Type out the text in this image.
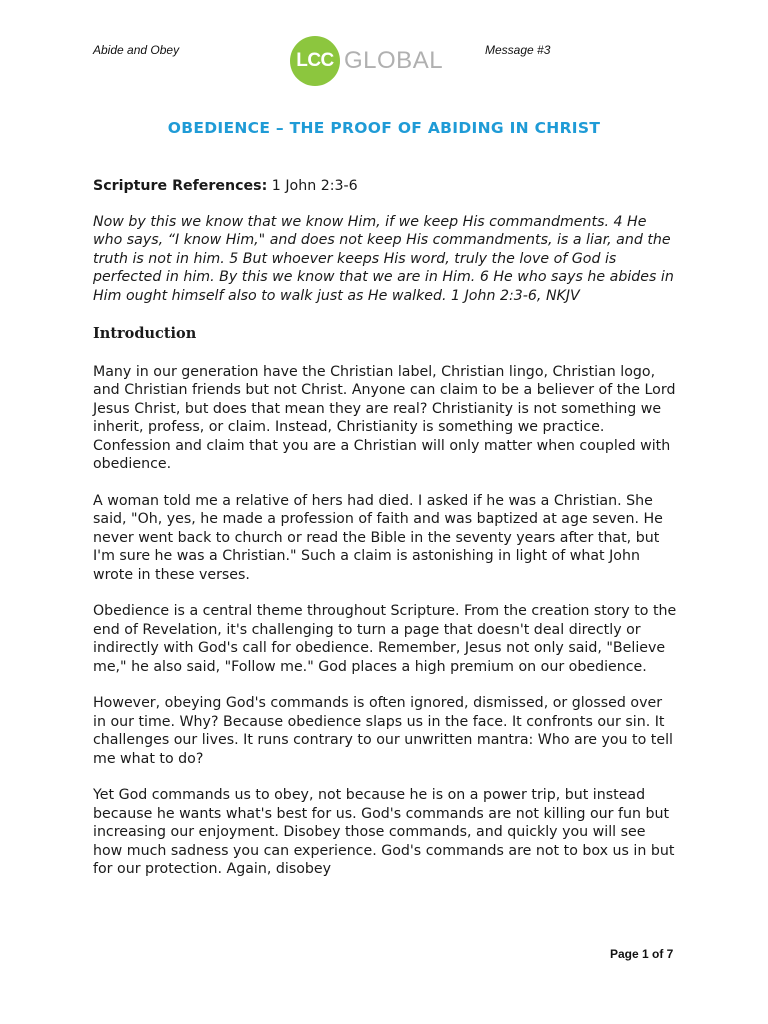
Abide and Obey	LCC GLOBAL	Message #3
OBEDIENCE – THE PROOF OF ABIDING IN CHRIST

Scripture References: 1 John 2:3-6

Now by this we know that we know Him, if we keep His commandments. 4 He who says, “I know Him," and does not keep His commandments, is a liar, and the truth is not in him. 5 But whoever keeps His word, truly the love of God is perfected in him. By this we know that we are in Him. 6 He who says he abides in Him ought himself also to walk just as He walked. 1 John 2:3-6, NKJV

Introduction

Many in our generation have the Christian label, Christian lingo, Christian logo, and Christian friends but not Christ. Anyone can claim to be a believer of the Lord Jesus Christ, but does that mean they are real? Christianity is not something we inherit, profess, or claim. Instead, Christianity is something we practice. Confession and claim that you are a Christian will only matter when coupled with obedience.

A woman told me a relative of hers had died. I asked if he was a Christian. She said, "Oh, yes, he made a profession of faith and was baptized at age seven. He never went back to church or read the Bible in the seventy years after that, but I'm sure he was a Christian." Such a claim is astonishing in light of what John wrote in these verses.

Obedience is a central theme throughout Scripture. From the creation story to the end of Revelation, it's challenging to turn a page that doesn't deal directly or indirectly with God's call for obedience. Remember, Jesus not only said, "Believe me," he also said, "Follow me." God places a high premium on our obedience.

However, obeying God's commands is often ignored, dismissed, or glossed over in our time. Why? Because obedience slaps us in the face. It confronts our sin. It challenges our lives. It runs contrary to our unwritten mantra: Who are you to tell me what to do?

Yet God commands us to obey, not because he is on a power trip, but instead because he wants what's best for us. God's commands are not killing our fun but increasing our enjoyment. Disobey those commands, and quickly you will see how much sadness you can experience. God's commands are not to box us in but for our protection. Again, disobey

Page 1 of 7
